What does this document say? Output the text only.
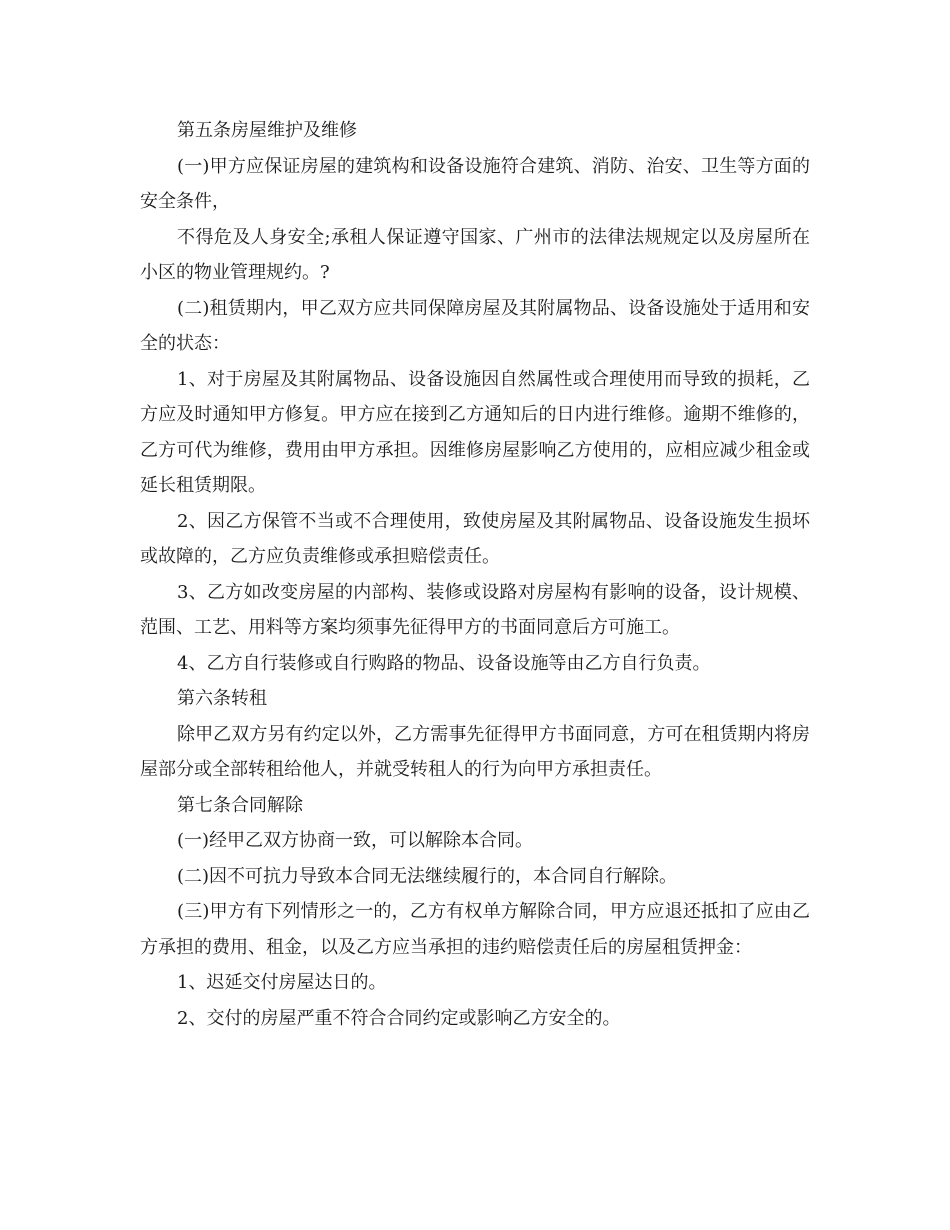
第五条房屋维护及维修

(一)甲方应保证房屋的建筑构和设备设施符合建筑、消防、治安、卫生等方面的安全条件，

不得危及人身安全;承租人保证遵守国家、广州市的法律法规规定以及房屋所在小区的物业管理规约。?

(二)租赁期内，甲乙双方应共同保障房屋及其附属物品、设备设施处于适用和安全的状态：

1、对于房屋及其附属物品、设备设施因自然属性或合理使用而导致的损耗，乙方应及时通知甲方修复。甲方应在接到乙方通知后的日内进行维修。逾期不维修的，乙方可代为维修，费用由甲方承担。因维修房屋影响乙方使用的，应相应减少租金或延长租赁期限。

2、因乙方保管不当或不合理使用，致使房屋及其附属物品、设备设施发生损坏或故障的，乙方应负责维修或承担赔偿责任。

3、乙方如改变房屋的内部构、装修或设路对房屋构有影响的设备，设计规模、范围、工艺、用料等方案均须事先征得甲方的书面同意后方可施工。

4、乙方自行装修或自行购路的物品、设备设施等由乙方自行负责。

第六条转租

除甲乙双方另有约定以外，乙方需事先征得甲方书面同意，方可在租赁期内将房屋部分或全部转租给他人，并就受转租人的行为向甲方承担责任。

第七条合同解除

(一)经甲乙双方协商一致，可以解除本合同。

(二)因不可抗力导致本合同无法继续履行的，本合同自行解除。

(三)甲方有下列情形之一的，乙方有权单方解除合同，甲方应退还抵扣了应由乙方承担的费用、租金，以及乙方应当承担的违约赔偿责任后的房屋租赁押金：

1、迟延交付房屋达日的。

2、交付的房屋严重不符合合同约定或影响乙方安全的。
